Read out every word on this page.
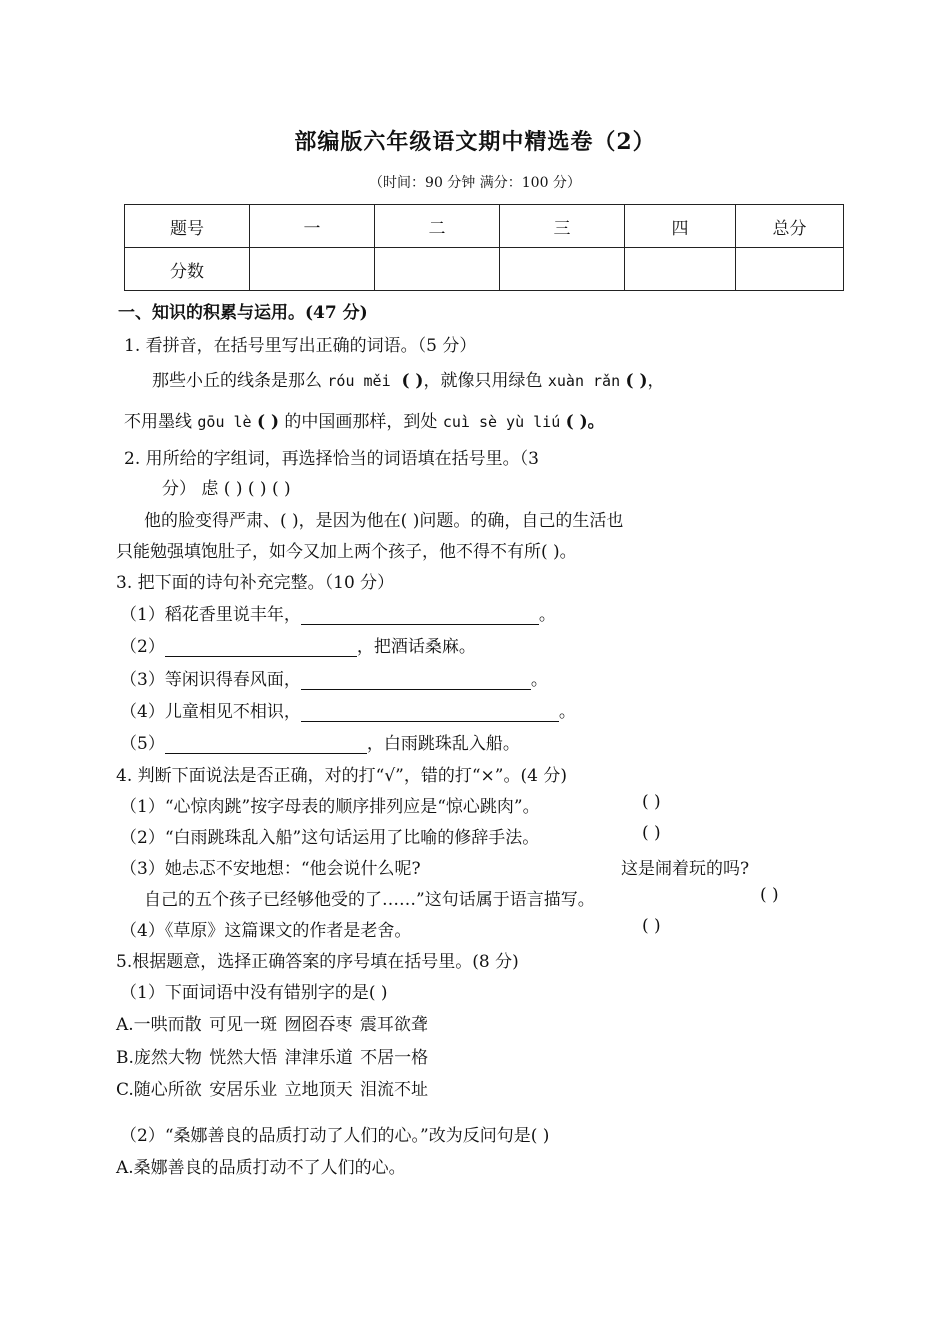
部编版六年级语文期中精选卷（2）
（时间：90 分钟 满分：100 分）
题号	一	二	三	四	总分
分数					
一、知识的积累与运用。(47 分)
1. 看拼音，在括号里写出正确的词语。（5 分）
那些小丘的线条是那么 róu měi ( )，就像只用绿色 xuàn rǎn ( )，
不用墨线 gōu lè ( ) 的中国画那样，到处 cuì sè yù liú ( )。
2. 用所给的字组词，再选择恰当的词语填在括号里。（3
分） 虑 ( ) ( ) ( )
他的脸变得严肃、( )，是因为他在( )问题。的确，自己的生活也
只能勉强填饱肚子，如今又加上两个孩子，他不得不有所( )。
3. 把下面的诗句补充完整。（10 分）
（1）稻花香里说丰年，	。
（2）	，把酒话桑麻。
（3）等闲识得春风面，	。
（4）儿童相见不相识，	。
（5）	，白雨跳珠乱入船。
4. 判断下面说法是否正确，对的打“√”，错的打“×”。(4 分)
（1）“心惊肉跳”按字母表的顺序排列应是“惊心跳肉”。	( )
（2）“白雨跳珠乱入船”这句话运用了比喻的修辞手法。	( )
（3）她忐忑不安地想：“他会说什么呢?	这是闹着玩的吗?
自己的五个孩子已经够他受的了……”这句话属于语言描写。	( )
（4）《草原》这篇课文的作者是老舍。	( )
5.根据题意，选择正确答案的序号填在括号里。(8 分)
（1）下面词语中没有错别字的是( )
A.一哄而散 可见一斑 囫囵吞枣 震耳欲聋
B.庞然大物 恍然大悟 津津乐道 不居一格
C.随心所欲 安居乐业 立地顶天 泪流不址
（2）“桑娜善良的品质打动了人们的心。”改为反问句是( )
A.桑娜善良的品质打动不了人们的心。
